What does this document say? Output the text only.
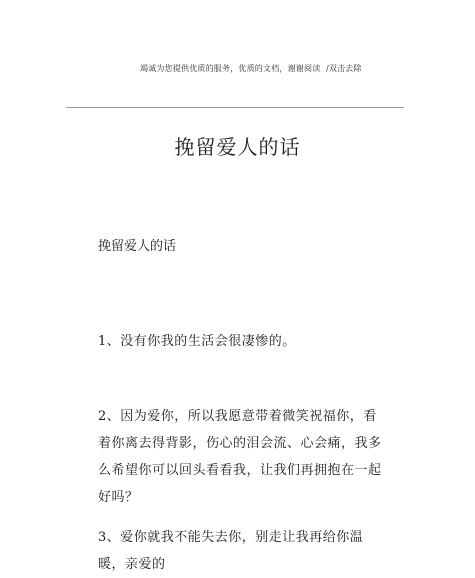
竭诚为您提供优质的服务，优质的文档，谢谢阅读 /双击去除
挽留爱人的话
挽留爱人的话
1、没有你我的生活会很凄惨的。
2、因为爱你，所以我愿意带着微笑祝福你，看着你离去得背影，伤心的泪会流、心会痛，我多么希望你可以回头看看我，让我们再拥抱在一起好吗？
3、爱你就我不能失去你，别走让我再给你温暖，亲爱的
